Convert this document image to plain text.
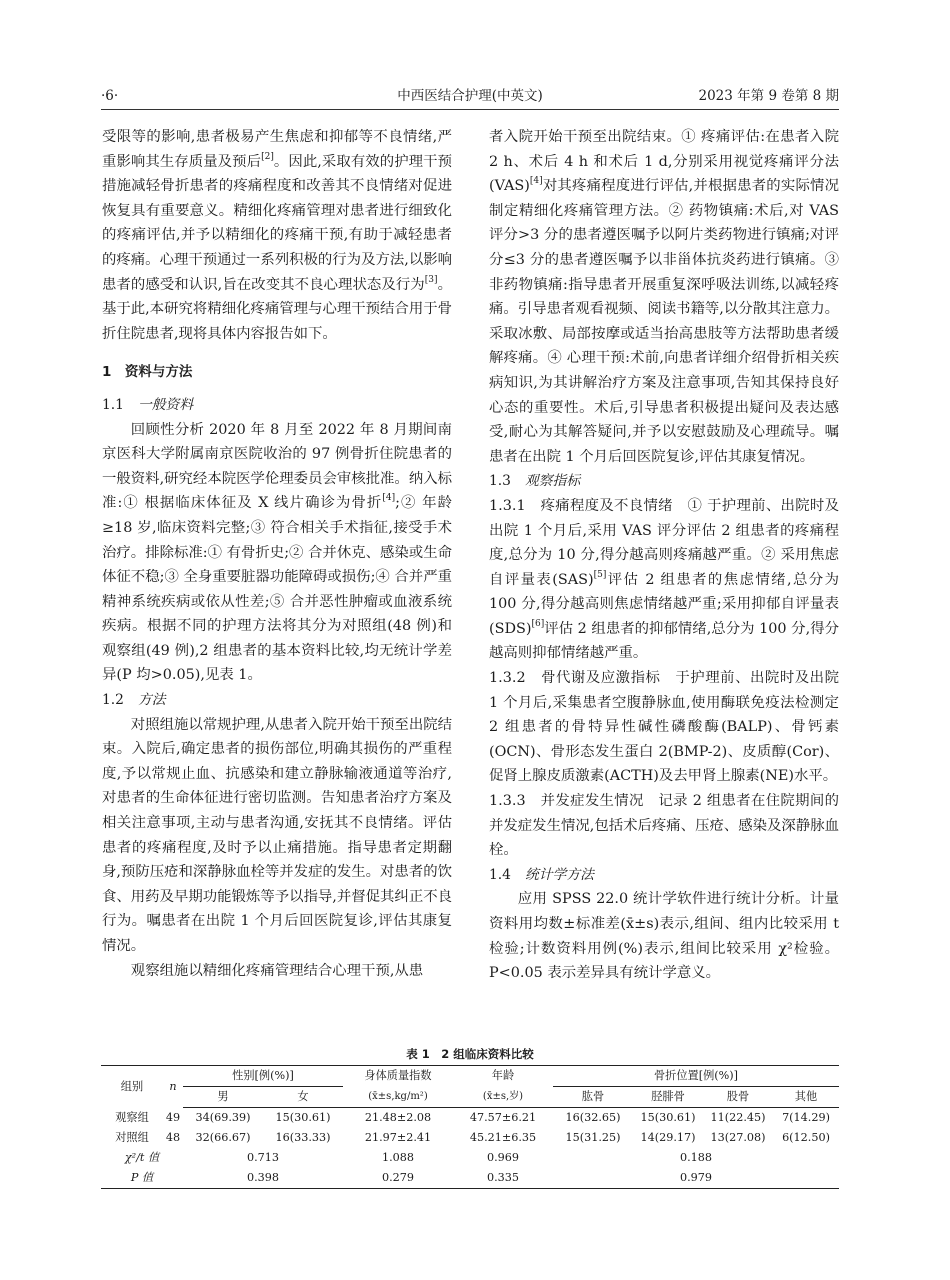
·6·	中西医结合护理(中英文)	2023 年第 9 卷第 8 期

受限等的影响,患者极易产生焦虑和抑郁等不良情绪,严重影响其生存质量及预后[2]。因此,采取有效的护理干预措施减轻骨折患者的疼痛程度和改善其不良情绪对促进恢复具有重要意义。精细化疼痛管理对患者进行细致化的疼痛评估,并予以精细化的疼痛干预,有助于减轻患者的疼痛。心理干预通过一系列积极的行为及方法,以影响患者的感受和认识,旨在改变其不良心理状态及行为[3]。基于此,本研究将精细化疼痛管理与心理干预结合用于骨折住院患者,现将具体内容报告如下。

1　资料与方法
1.1 一般资料

回顾性分析 2020 年 8 月至 2022 年 8 月期间南京医科大学附属南京医院收治的 97 例骨折住院患者的一般资料,研究经本院医学伦理委员会审核批准。纳入标准:① 根据临床体征及 X 线片确诊为骨折[4];② 年龄≥18 岁,临床资料完整;③ 符合相关手术指征,接受手术治疗。排除标准:① 有骨折史;② 合并休克、感染或生命体征不稳;③ 全身重要脏器功能障碍或损伤;④ 合并严重精神系统疾病或依从性差;⑤ 合并恶性肿瘤或血液系统疾病。根据不同的护理方法将其分为对照组(48 例)和观察组(49 例),2 组患者的基本资料比较,均无统计学差异(P 均>0.05),见表 1。

1.2 方法

对照组施以常规护理,从患者入院开始干预至出院结束。入院后,确定患者的损伤部位,明确其损伤的严重程度,予以常规止血、抗感染和建立静脉输液通道等治疗,对患者的生命体征进行密切监测。告知患者治疗方案及相关注意事项,主动与患者沟通,安抚其不良情绪。评估患者的疼痛程度,及时予以止痛措施。指导患者定期翻身,预防压疮和深静脉血栓等并发症的发生。对患者的饮食、用药及早期功能锻炼等予以指导,并督促其纠正不良行为。嘱患者在出院 1 个月后回医院复诊,评估其康复情况。

观察组施以精细化疼痛管理结合心理干预,从患

者入院开始干预至出院结束。① 疼痛评估:在患者入院 2 h、术后 4 h 和术后 1 d,分别采用视觉疼痛评分法(VAS)[4]对其疼痛程度进行评估,并根据患者的实际情况制定精细化疼痛管理方法。② 药物镇痛:术后,对 VAS 评分>3 分的患者遵医嘱予以阿片类药物进行镇痛;对评分≤3 分的患者遵医嘱予以非甾体抗炎药进行镇痛。③ 非药物镇痛:指导患者开展重复深呼吸法训练,以减轻疼痛。引导患者观看视频、阅读书籍等,以分散其注意力。采取冰敷、局部按摩或适当抬高患肢等方法帮助患者缓解疼痛。④ 心理干预:术前,向患者详细介绍骨折相关疾病知识,为其讲解治疗方案及注意事项,告知其保持良好心态的重要性。术后,引导患者积极提出疑问及表达感受,耐心为其解答疑问,并予以安慰鼓励及心理疏导。嘱患者在出院 1 个月后回医院复诊,评估其康复情况。

1.3 观察指标

1.3.1　疼痛程度及不良情绪　① 于护理前、出院时及出院 1 个月后,采用 VAS 评分评估 2 组患者的疼痛程度,总分为 10 分,得分越高则疼痛越严重。② 采用焦虑自评量表(SAS)[5]评估 2 组患者的焦虑情绪,总分为 100 分,得分越高则焦虑情绪越严重;采用抑郁自评量表(SDS)[6]评估 2 组患者的抑郁情绪,总分为 100 分,得分越高则抑郁情绪越严重。

1.3.2　骨代谢及应激指标　于护理前、出院时及出院 1 个月后,采集患者空腹静脉血,使用酶联免疫法检测定 2 组患者的骨特异性碱性磷酸酶(BALP)、骨钙素(OCN)、骨形态发生蛋白 2(BMP-2)、皮质醇(Cor)、促肾上腺皮质激素(ACTH)及去甲肾上腺素(NE)水平。

1.3.3　并发症发生情况　记录 2 组患者在住院期间的并发症发生情况,包括术后疼痛、压疮、感染及深静脉血栓。

1.4 统计学方法

应用 SPSS 22.0 统计学软件进行统计分析。计量资料用均数±标准差(x̄±s)表示,组间、组内比较采用 t 检验;计数资料用例(%)表示,组间比较采用 χ²检验。P<0.05 表示差异具有统计学意义。

表 1　2 组临床资料比较
组别	n	性别[例(%)]		身体质量指数	年龄	骨折位置[例(%)]			
		男	女	(x̄±s,kg/m²)	(x̄±s,岁)	肱骨	胫腓骨	股骨	其他
观察组	49	34(69.39)	15(30.61)	21.48±2.08	47.57±6.21	16(32.65)	15(30.61)	11(22.45)	7(14.29)
对照组	48	32(66.67)	16(33.33)	21.97±2.41	45.21±6.35	15(31.25)	14(29.17)	13(27.08)	6(12.50)
χ²/t 值		0.713		1.088	0.969	0.188			
P 值		0.398		0.279	0.335	0.979			
